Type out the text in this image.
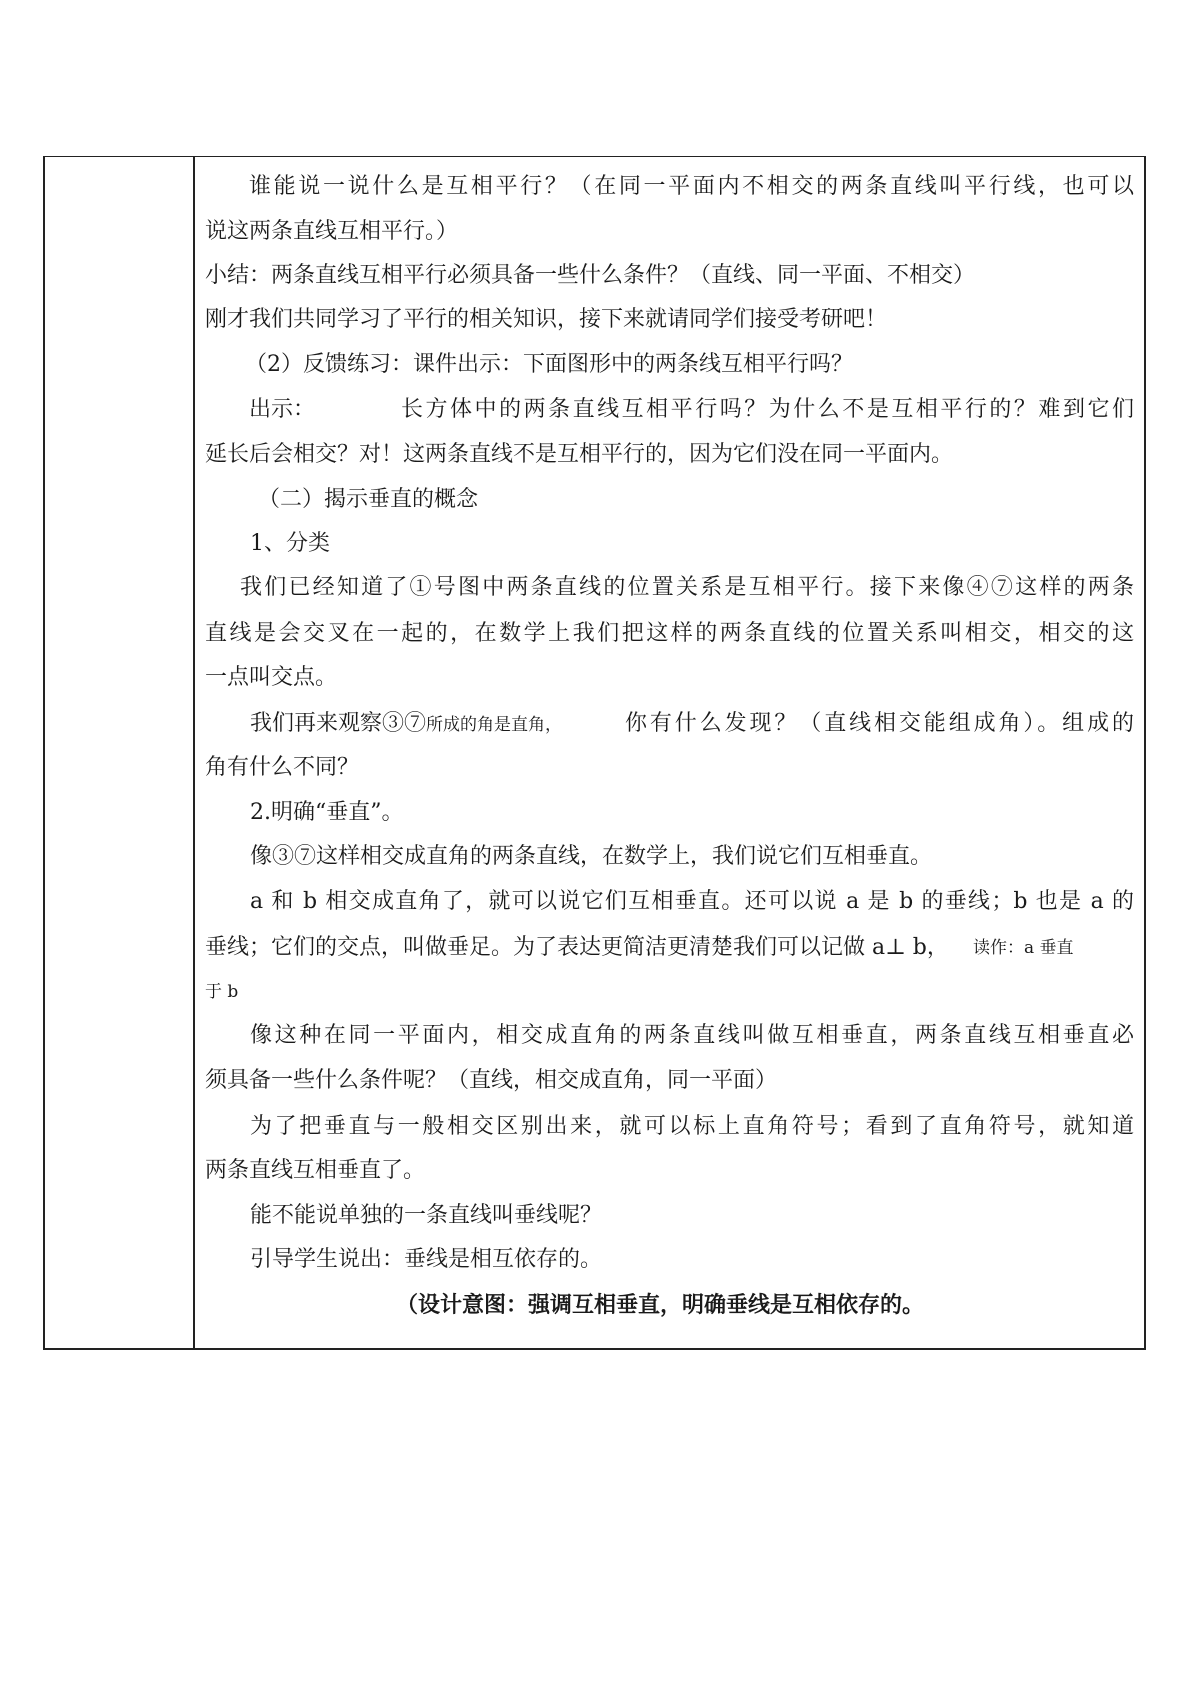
谁能说一说什么是互相平行？（在同一平面内不相交的两条直线叫平行线，也可以
说这两条直线互相平行。）
小结：两条直线互相平行必须具备一些什么条件？（直线、同一平面、不相交）
刚才我们共同学习了平行的相关知识，接下来就请同学们接受考研吧！
（2）反馈练习：课件出示：下面图形中的两条线互相平行吗？
出示：	长方体中的两条直线互相平行吗？为什么不是互相平行的？难到它们
延长后会相交？对！这两条直线不是互相平行的，因为它们没在同一平面内。
（二）揭示垂直的概念
1、分类
我们已经知道了①号图中两条直线的位置关系是互相平行。接下来像④⑦这样的两条
直线是会交叉在一起的，在数学上我们把这样的两条直线的位置关系叫相交，相交的这
一点叫交点。
我们再来观察③⑦所成的角是直角，	你有什么发现？（直线相交能组成角）。组成的
角有什么不同？
2.明确“垂直”。
像③⑦这样相交成直角的两条直线，在数学上，我们说它们互相垂直。
a 和 b 相交成直角了，就可以说它们互相垂直。还可以说 a 是 b 的垂线；b 也是 a 的
垂线；它们的交点，叫做垂足。为了表达更简洁更清楚我们可以记做 a⊥ b，	读作：a 垂直
于 b
像这种在同一平面内，相交成直角的两条直线叫做互相垂直，两条直线互相垂直必
须具备一些什么条件呢？（直线，相交成直角，同一平面）
为了把垂直与一般相交区别出来，就可以标上直角符号；看到了直角符号，就知道
两条直线互相垂直了。
能不能说单独的一条直线叫垂线呢？
引导学生说出：垂线是相互依存的。
（设计意图：强调互相垂直，明确垂线是互相依存的。
